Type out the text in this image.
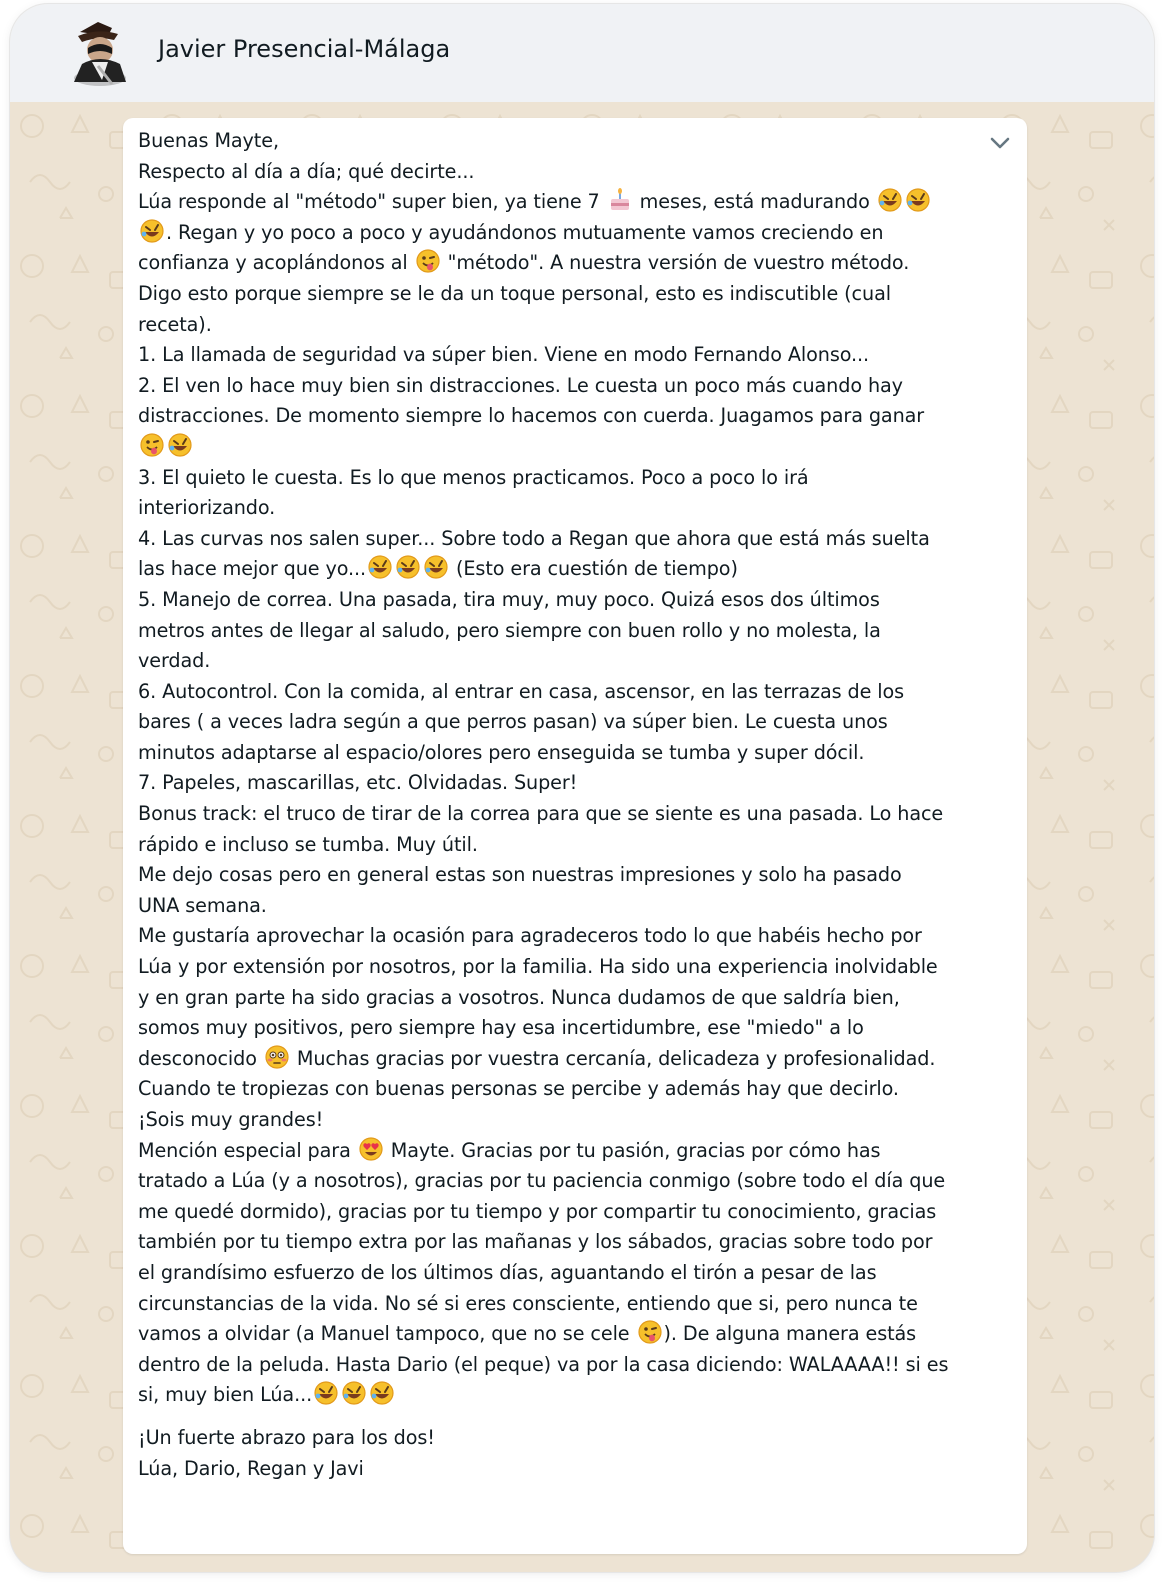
Javier Presencial-Málaga
Buenas Mayte,
Respecto al día a día; qué decirte...
Lúa responde al "método" super bien, ya tiene 7  meses, está madurando
. Regan y yo poco a poco y ayudándonos mutuamente vamos creciendo en
confianza y acoplándonos al  "método". A nuestra versión de vuestro método.
Digo esto porque siempre se le da un toque personal, esto es indiscutible (cual
receta).
1. La llamada de seguridad va súper bien. Viene en modo Fernando Alonso...
2. El ven lo hace muy bien sin distracciones. Le cuesta un poco más cuando hay
distracciones. De momento siempre lo hacemos con cuerda. Juagamos para ganar
3. El quieto le cuesta. Es lo que menos practicamos. Poco a poco lo irá
interiorizando.
4. Las curvas nos salen super... Sobre todo a Regan que ahora que está más suelta
las hace mejor que yo...	(Esto era cuestión de tiempo)
5. Manejo de correa. Una pasada, tira muy, muy poco. Quizá esos dos últimos
metros antes de llegar al saludo, pero siempre con buen rollo y no molesta, la
verdad.
6. Autocontrol. Con la comida, al entrar en casa, ascensor, en las terrazas de los
bares ( a veces ladra según a que perros pasan) va súper bien. Le cuesta unos
minutos adaptarse al espacio/olores pero enseguida se tumba y super dócil.
7. Papeles, mascarillas, etc. Olvidadas. Super!
Bonus track: el truco de tirar de la correa para que se siente es una pasada. Lo hace
rápido e incluso se tumba. Muy útil.
Me dejo cosas pero en general estas son nuestras impresiones y solo ha pasado
UNA semana.
Me gustaría aprovechar la ocasión para agradeceros todo lo que habéis hecho por
Lúa y por extensión por nosotros, por la familia. Ha sido una experiencia inolvidable
y en gran parte ha sido gracias a vosotros. Nunca dudamos de que saldría bien,
somos muy positivos, pero siempre hay esa incertidumbre, ese "miedo" a lo
desconocido  Muchas gracias por vuestra cercanía, delicadeza y profesionalidad.
Cuando te tropiezas con buenas personas se percibe y además hay que decirlo.
¡Sois muy grandes!
Mención especial para  Mayte. Gracias por tu pasión, gracias por cómo has
tratado a Lúa (y a nosotros), gracias por tu paciencia conmigo (sobre todo el día que
me quedé dormido), gracias por tu tiempo y por compartir tu conocimiento, gracias
también por tu tiempo extra por las mañanas y los sábados, gracias sobre todo por
el grandísimo esfuerzo de los últimos días, aguantando el tirón a pesar de las
circunstancias de la vida. No sé si eres consciente, entiendo que si, pero nunca te
vamos a olvidar (a Manuel tampoco, que no se cele ). De alguna manera estás
dentro de la peluda. Hasta Dario (el peque) va por la casa diciendo: WALAAAA!! si es
si, muy bien Lúa...
¡Un fuerte abrazo para los dos!
Lúa, Dario, Regan y Javi
